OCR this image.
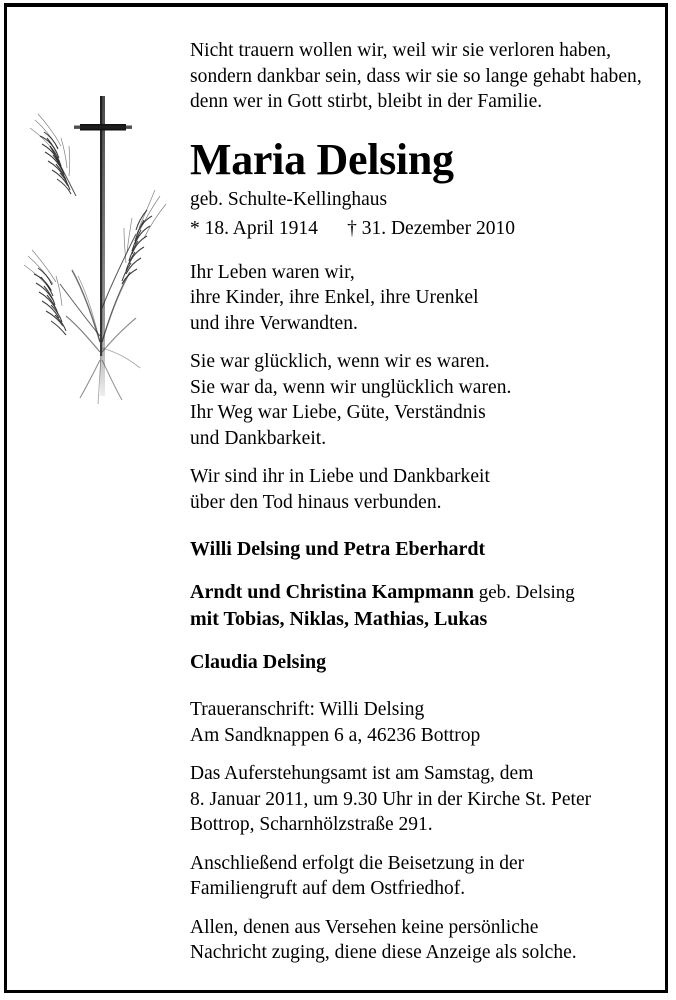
Nicht trauern wollen wir, weil wir sie verloren haben,

sondern dankbar sein, dass wir sie so lange gehabt haben,

denn wer in Gott stirbt, bleibt in der Familie.

Maria Delsing
geb. Schulte-Kellinghaus
* 18. April 1914      † 31. Dezember 2010

Ihr Leben waren wir,

ihre Kinder, ihre Enkel, ihre Urenkel

und ihre Verwandten.

Sie war glücklich, wenn wir es waren.

Sie war da, wenn wir unglücklich waren.

Ihr Weg war Liebe, Güte, Verständnis

und Dankbarkeit.

Wir sind ihr in Liebe und Dankbarkeit

über den Tod hinaus verbunden.

Willi Delsing und Petra Eberhardt

Arndt und Christina Kampmann geb. Delsing

mit Tobias, Niklas, Mathias, Lukas

Claudia Delsing

Traueranschrift: Willi Delsing

Am Sandknappen 6 a, 46236 Bottrop

Das Auferstehungsamt ist am Samstag, dem

8. Januar 2011, um 9.30 Uhr in der Kirche St. Peter

Bottrop, Scharnhölzstraße 291.

Anschließend erfolgt die Beisetzung in der

Familiengruft auf dem Ostfriedhof.

Allen, denen aus Versehen keine persönliche

Nachricht zuging, diene diese Anzeige als solche.
